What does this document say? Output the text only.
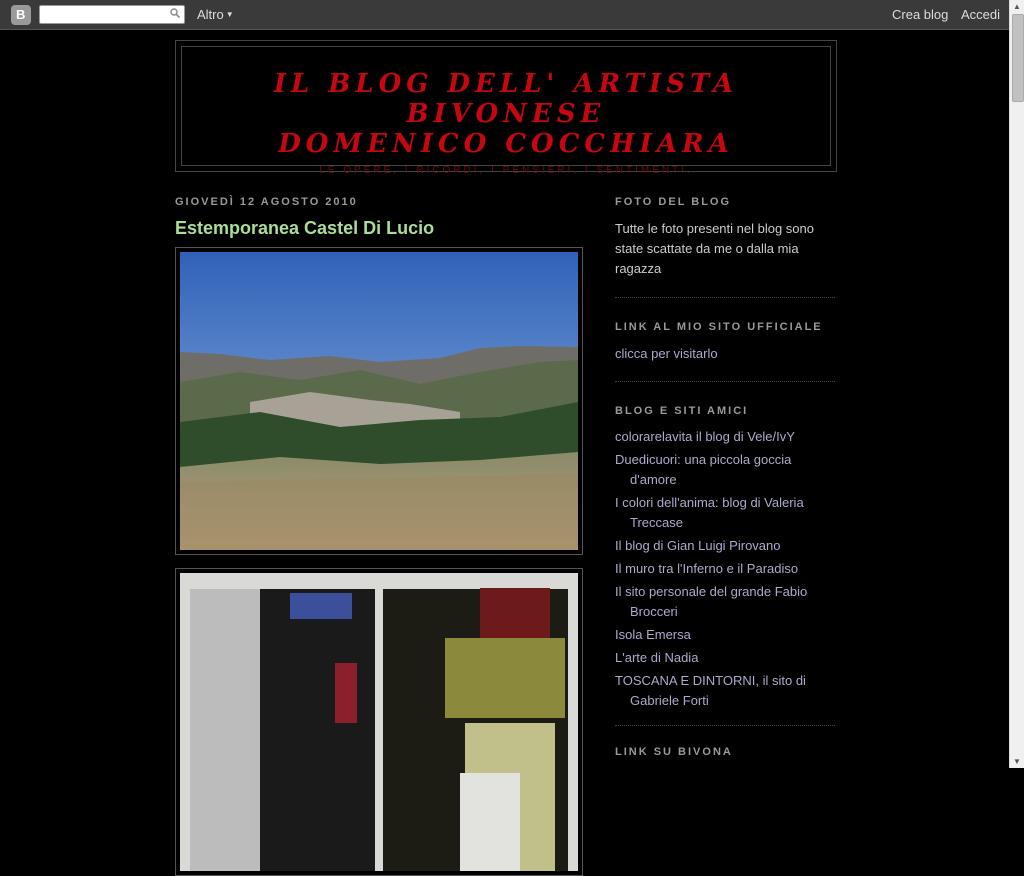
B	Altro ▼	Crea blog Accedi
▲
▼
IL BLOG DELL' ARTISTA BIVONESE
DOMENICO COCCHIARA
LE OPERE, I RICORDI, I PENSIERI, I SENTIMENTI.
GIOVEDÌ 12 AGOSTO 2010
Estemporanea Castel Di Lucio
FOTO DEL BLOG

Tutte le foto presenti nel blog sono state scattate da me o dalla mia ragazza

LINK AL MIO SITO UFFICIALE
clicca per visitarlo
BLOG E SITI AMICI
colorarelavita il blog di Vele/IvY
Duedicuori: una piccola goccia d'amore
I colori dell'anima: blog di Valeria Treccase
Il blog di Gian Luigi Pirovano
Il muro tra l'Inferno e il Paradiso
Il sito personale del grande Fabio Brocceri
Isola Emersa
L'arte di Nadia
TOSCANA E DINTORNI, il sito di Gabriele Forti
LINK SU BIVONA
